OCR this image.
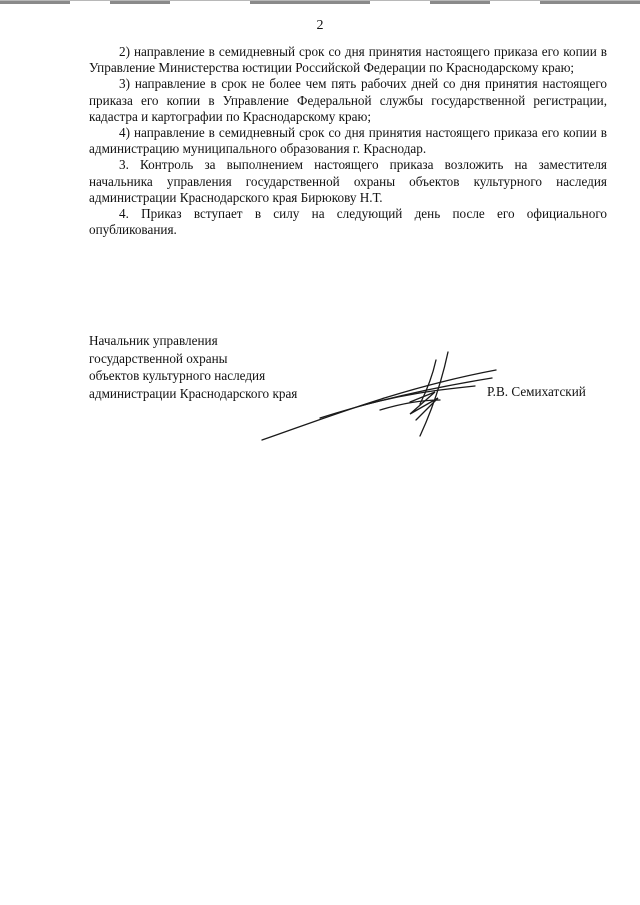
2

2) направление в семидневный срок со дня принятия настоящего приказа его копии в Управление Министерства юстиции Российской Федерации по Краснодарскому краю;

3) направление в срок не более чем пять рабочих дней со дня принятия настоящего приказа его копии в Управление Федеральной службы государственной регистрации, кадастра и картографии по Краснодарскому краю;

4) направление в семидневный срок со дня принятия настоящего приказа его копии в администрацию муниципального образования г. Краснодар.

3. Контроль за выполнением настоящего приказа возложить на заместителя начальника управления государственной охраны объектов культурного наследия администрации Краснодарского края Бирюкову Н.Т.

4. Приказ вступает в силу на следующий день после его официального опубликования.

Начальник управления
государственной охраны
объектов культурного наследия
администрации Краснодарского края	Р.В. Семихатский
